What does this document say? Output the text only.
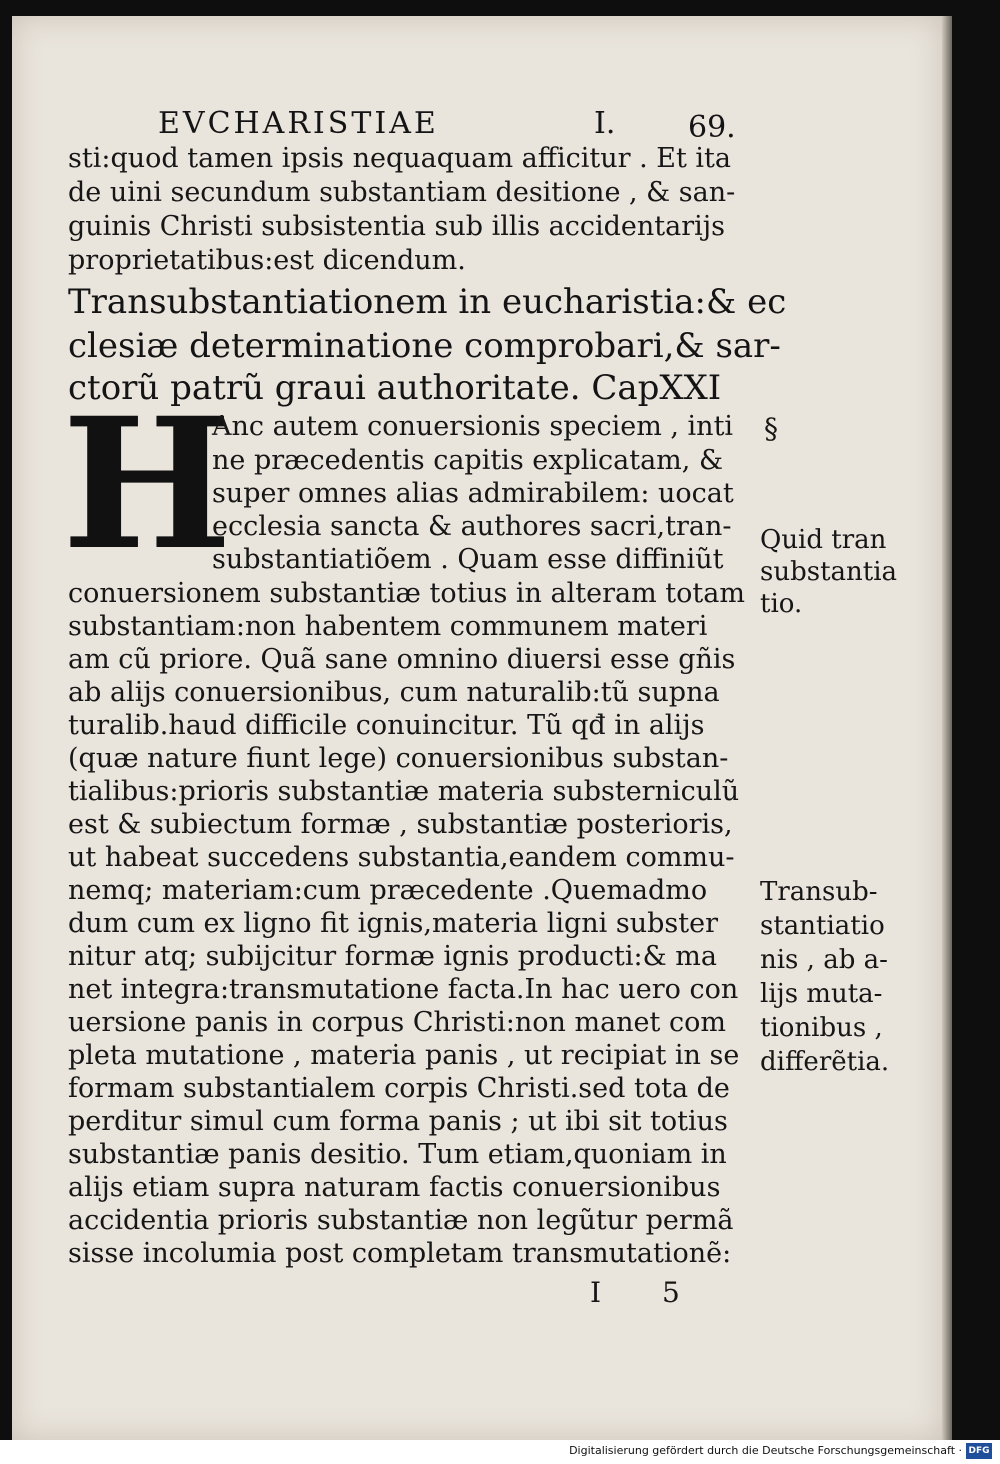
EVCHARISTIAE	I. 69.
sti:quod tamen ipsis nequaquam afficitur . Et ita
de uini secundum substantiam desitione , & san-
guinis Christi subsistentia sub illis accidentarijs
proprietatibus:est dicendum.
Transubstantiationem in eucharistia:& ec
clesiæ determinatione comprobari,& sar-
ctorũ patrũ graui authoritate. CapXXI
H
Anc autem conuersionis speciem , inti
ne præcedentis capitis explicatam, &
super omnes alias admirabilem: uocat
ecclesia sancta & authores sacri,tran-
substantiatiõem . Quam esse diffiniũt
conuersionem substantiæ totius in alteram totam
substantiam:non habentem communem materi
am cũ priore. Quã sane omnino diuersi esse gñis
ab alijs conuersionibus, cum naturalib:tũ supna
turalib.haud difficile conuincitur. Tũ qđ in alijs
(quæ nature fiunt lege) conuersionibus substan-
tialibus:prioris substantiæ materia substerniculũ
est & subiectum formæ , substantiæ posterioris,
ut habeat succedens substantia,eandem commu-
nemq; materiam:cum præcedente .Quemadmo
dum cum ex ligno fit ignis,materia ligni subster
nitur atq; subijcitur formæ ignis producti:& ma
net integra:transmutatione facta.In hac uero con
uersione panis in corpus Christi:non manet com
pleta mutatione , materia panis , ut recipiat in se
formam substantialem corpis Christi.sed tota de
perditur simul cum forma panis ; ut ibi sit totius
substantiæ panis desitio. Tum etiam,quoniam in
alijs etiam supra naturam factis conuersionibus
accidentia prioris substantiæ non legũtur permã
sisse incolumia post completam transmutationẽ:
§
Quid tran
substantia
tio.
Transub-
stantiatio
nis , ab a-
lijs muta-
tionibus ,
differẽtia.
I 5
Digitalisierung gefördert durch die Deutsche Forschungsgemeinschaft · DFG
